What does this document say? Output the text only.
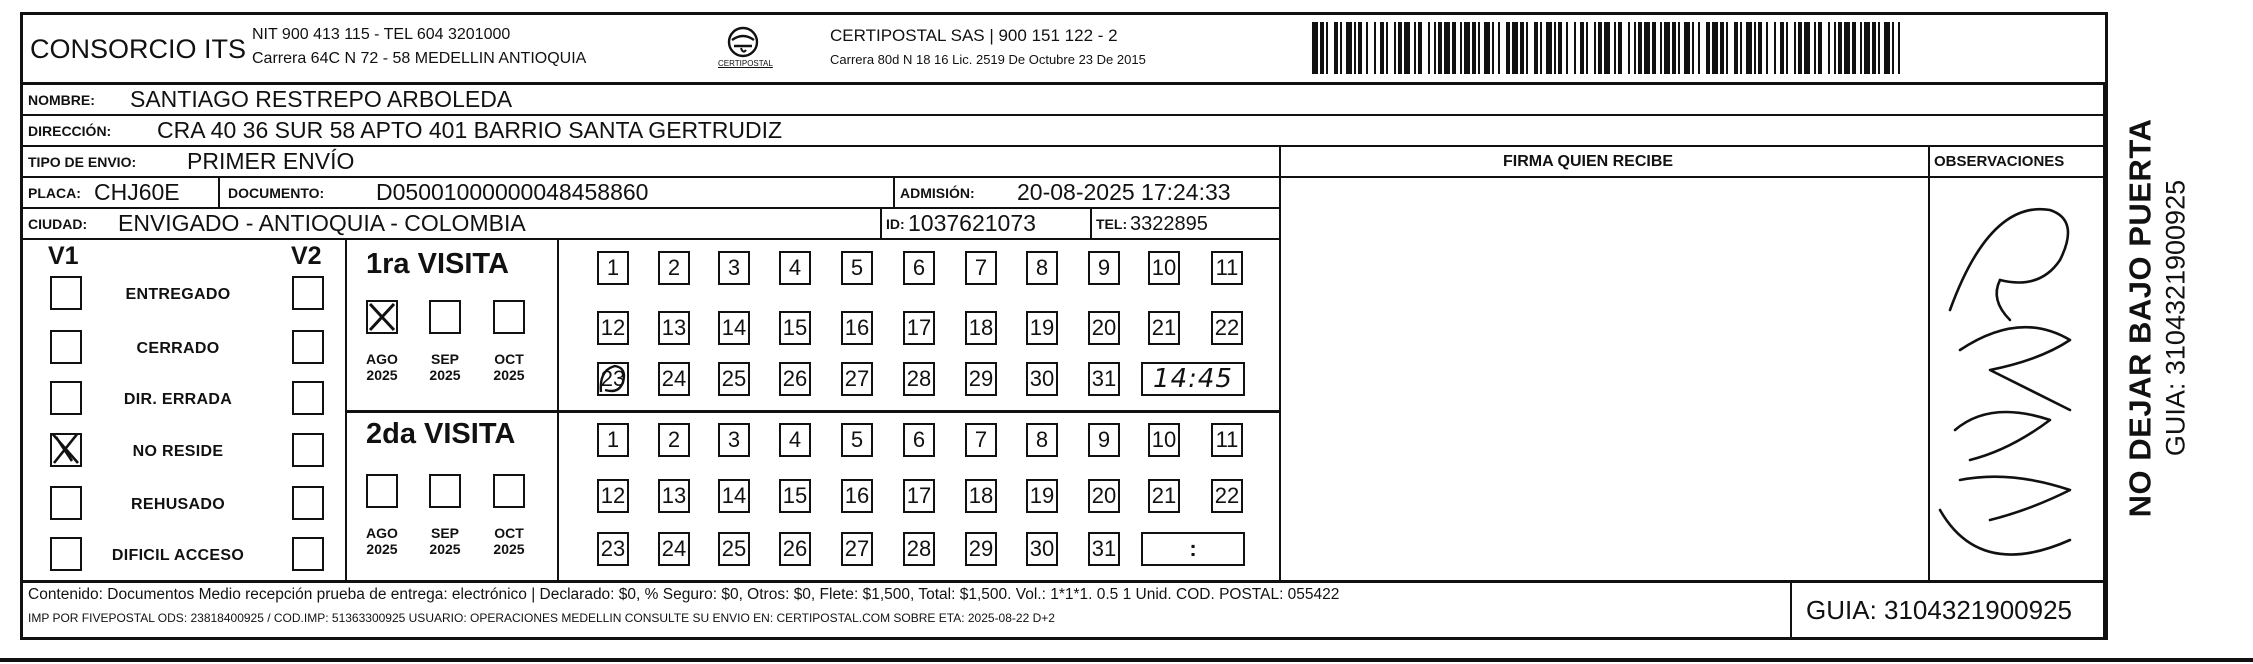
CONSORCIO ITS NIT 900 413 115 - TEL 604 3201000
Carrera 64C N 72 - 58 MEDELLIN ANTIOQUIA	CERTIPOSTAL
CERTIPOSTAL SAS | 900 151 122 - 2
Carrera 80d N 18 16 Lic. 2519 De Octubre 23 De 2015
NOMBRE: SANTIAGO RESTREPO ARBOLEDA
DIRECCIÓN: CRA 40 36 SUR 58 APTO 401 BARRIO SANTA GERTRUDIZ
TIPO DE ENVIO: PRIMER ENVÍO
PLACA: CHJ60E	DOCUMENTO: D05001000000048458860	ADMISIÓN: 20-08-2025 17:24:33
CIUDAD: ENVIGADO - ANTIOQUIA - COLOMBIA	ID: 1037621073	TEL: 3322895
FIRMA QUIEN RECIBE	OBSERVACIONES NO DEJAR BAJO PUERTA GUIA: 3104321900925
V1	V2
ENTREGADO
CERRADO
DIR. ERRADA
NO RESIDE
REHUSADO
DIFICIL ACCESO
1ra VISITA
2da VISITA
AGO
2025
SEP
2025
OCT
2025
AGO
2025
SEP
2025
OCT
2025
1	2	3	4	5	6	7	8	9	10 11
12 13 14 15 16 17 18 19 20 21 22
23 24 25 26 27 28 29 30 31	14:45
1	2	3	4	5	6	7	8	9	10 11
12 13 14 15 16 17 18 19 20 21 22
23 24 25 26 27 28 29 30 31	:
Contenido: Documentos Medio recepción prueba de entrega: electrónico | Declarado: $0, % Seguro: $0, Otros: $0, Flete: $1,500, Total: $1,500. Vol.: 1*1*1. 0.5 1 Unid. COD. POSTAL: 055422
IMP POR FIVEPOSTAL ODS: 23818400925 / COD.IMP: 51363300925 USUARIO: OPERACIONES MEDELLIN CONSULTE SU ENVIO EN: CERTIPOSTAL.COM SOBRE ETA: 2025-08-22 D+2	GUIA: 3104321900925
